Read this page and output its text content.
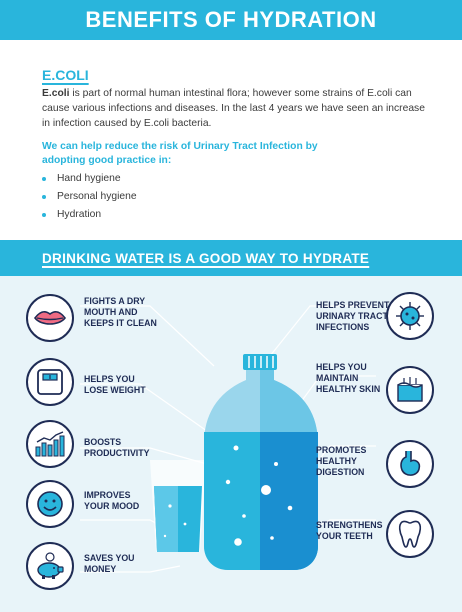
BENEFITS OF HYDRATION
E.COLI
E.coli is part of normal human intestinal flora; however some strains of E.coli can cause various infections and diseases. In the last 4 years we have seen an increase in infection caused by E.coli bacteria.
We can help reduce the risk of Urinary Tract Infection by adopting good practice in:
Hand hygiene
Personal hygiene
Hydration
DRINKING WATER IS A GOOD WAY TO HYDRATE
FIGHTS A DRY
MOUTH AND
KEEPS IT CLEAN
HELPS YOU
LOSE WEIGHT
BOOSTS
PRODUCTIVITY
IMPROVES
YOUR MOOD
SAVES YOU
MONEY
HELPS PREVENT
URINARY TRACT
INFECTIONS
HELPS YOU
MAINTAIN
HEALTHY SKIN
PROMOTES
HEALTHY
DIGESTION
STRENGTHENS
YOUR TEETH
